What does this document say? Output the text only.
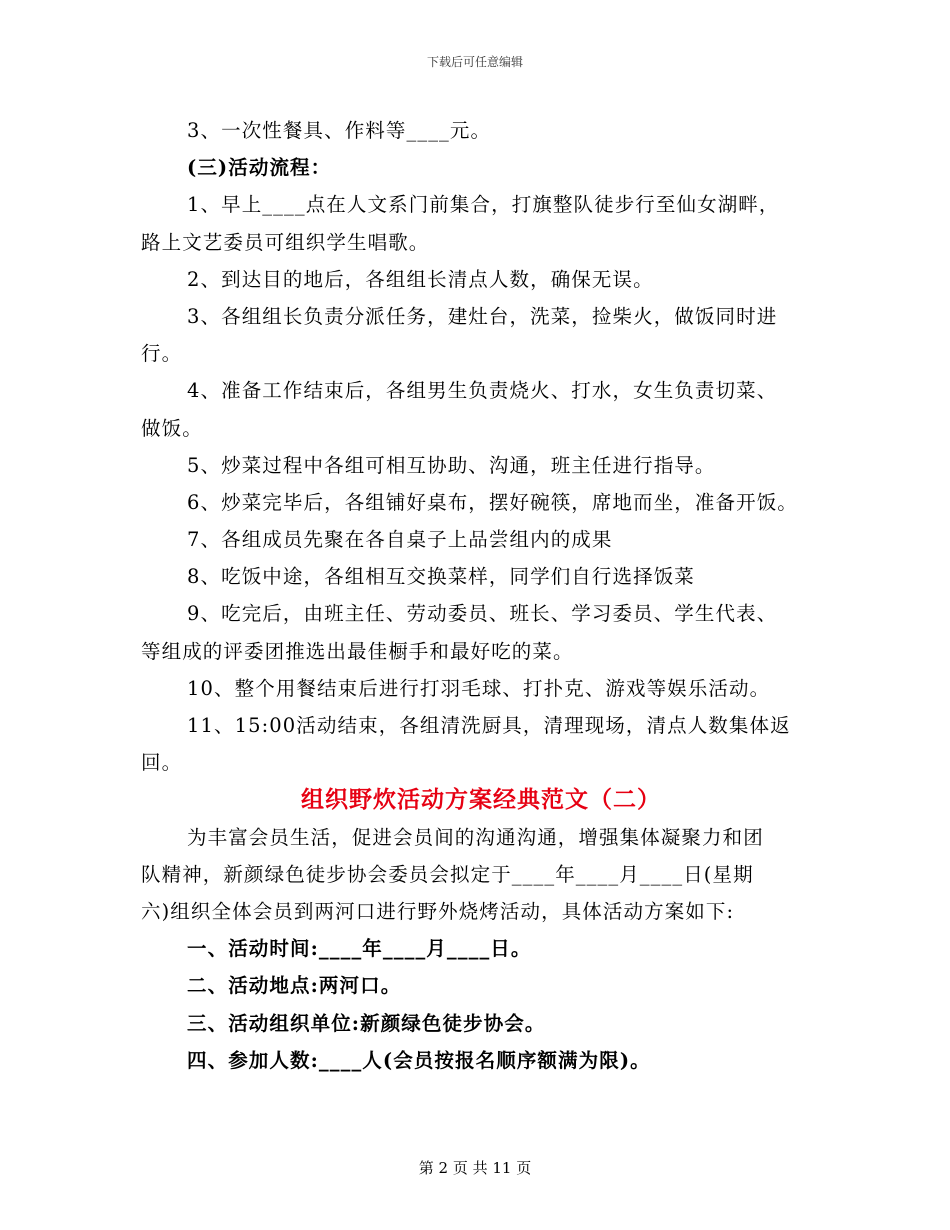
下载后可任意编辑
3、一次性餐具、作料等____元。
(三)活动流程：
1、早上____点在人文系门前集合，打旗整队徒步行至仙女湖畔，
路上文艺委员可组织学生唱歌。
2、到达目的地后，各组组长清点人数，确保无误。
3、各组组长负责分派任务，建灶台，洗菜，捡柴火，做饭同时进
行。
4、准备工作结束后，各组男生负责烧火、打水，女生负责切菜、
做饭。
5、炒菜过程中各组可相互协助、沟通，班主任进行指导。
6、炒菜完毕后，各组铺好桌布，摆好碗筷，席地而坐，准备开饭。
7、各组成员先聚在各自桌子上品尝组内的成果
8、吃饭中途，各组相互交换菜样，同学们自行选择饭菜
9、吃完后，由班主任、劳动委员、班长、学习委员、学生代表、
等组成的评委团推选出最佳橱手和最好吃的菜。
10、整个用餐结束后进行打羽毛球、打扑克、游戏等娱乐活动。
11、15:00活动结束，各组清洗厨具，清理现场，清点人数集体返
回。
组织野炊活动方案经典范文（二）
为丰富会员生活，促进会员间的沟通沟通，增强集体凝聚力和团
队精神，新颜绿色徒步协会委员会拟定于____年____月____日(星期
六)组织全体会员到两河口进行野外烧烤活动，具体活动方案如下:
一、活动时间:____年____月____日。
二、活动地点:两河口。
三、活动组织单位:新颜绿色徒步协会。
四、参加人数:____人(会员按报名顺序额满为限)。
第 2 页 共 11 页
